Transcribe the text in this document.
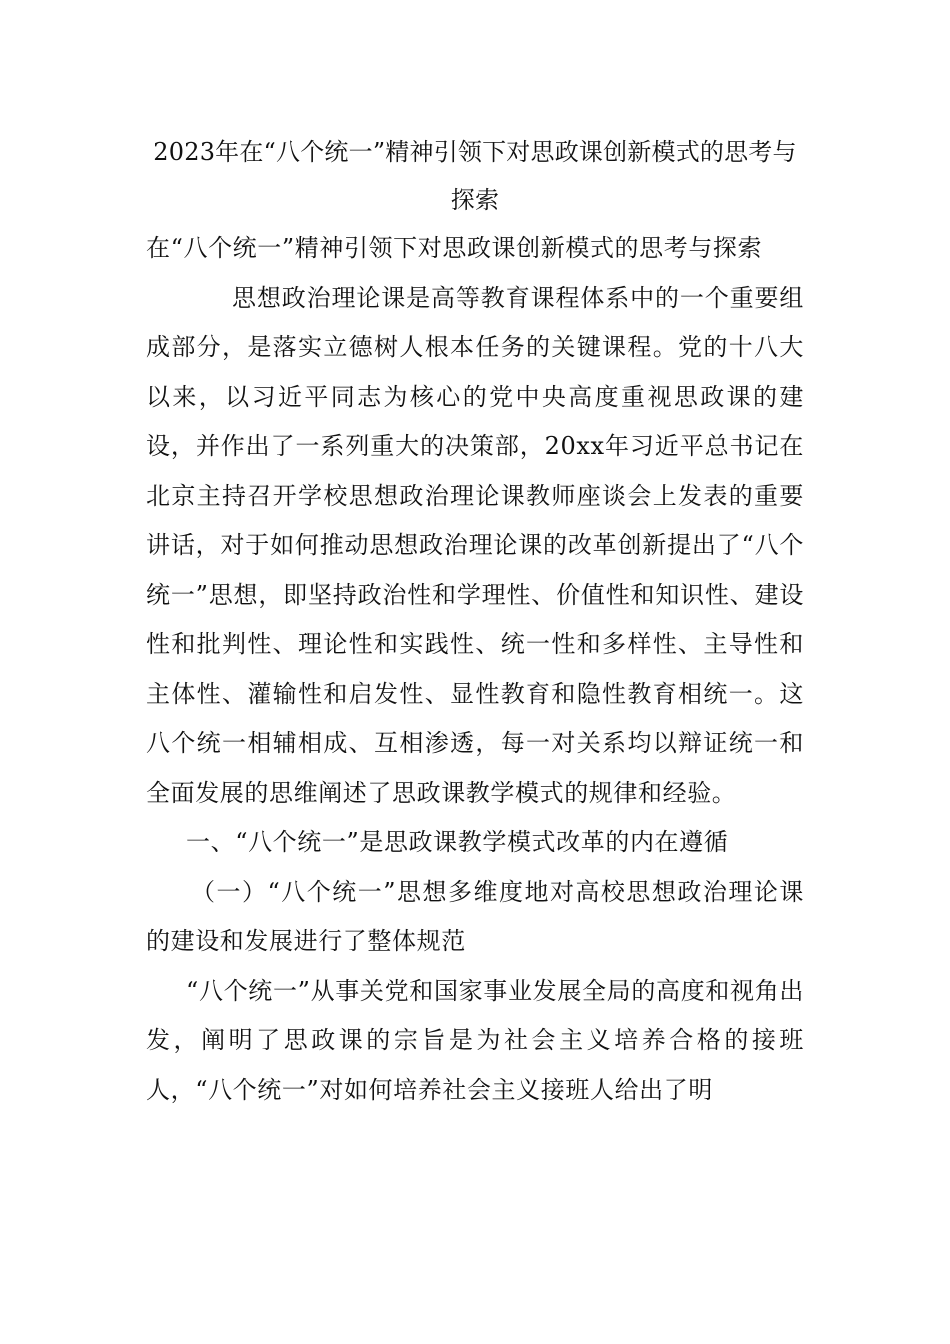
2023年在“八个统一”精神引领下对思政课创新模式的思考与探索

在“八个统一”精神引领下对思政课创新模式的思考与探索

思想政治理论课是高等教育课程体系中的一个重要组成部分，是落实立德树人根本任务的关键课程。党的十八大以来，以习近平同志为核心的党中央高度重视思政课的建设，并作出了一系列重大的决策部，20xx年习近平总书记在北京主持召开学校思想政治理论课教师座谈会上发表的重要讲话，对于如何推动思想政治理论课的改革创新提出了“八个统一”思想，即坚持政治性和学理性、价值性和知识性、建设性和批判性、理论性和实践性、统一性和多样性、主导性和主体性、灌输性和启发性、显性教育和隐性教育相统一。这八个统一相辅相成、互相渗透，每一对关系均以辩证统一和全面发展的思维阐述了思政课教学模式的规律和经验。

一、“八个统一”是思政课教学模式改革的内在遵循

（一）“八个统一”思想多维度地对高校思想政治理论课的建设和发展进行了整体规范

“八个统一”从事关党和国家事业发展全局的高度和视角出发，阐明了思政课的宗旨是为社会主义培养合格的接班人，“八个统一”对如何培养社会主义接班人给出了明
